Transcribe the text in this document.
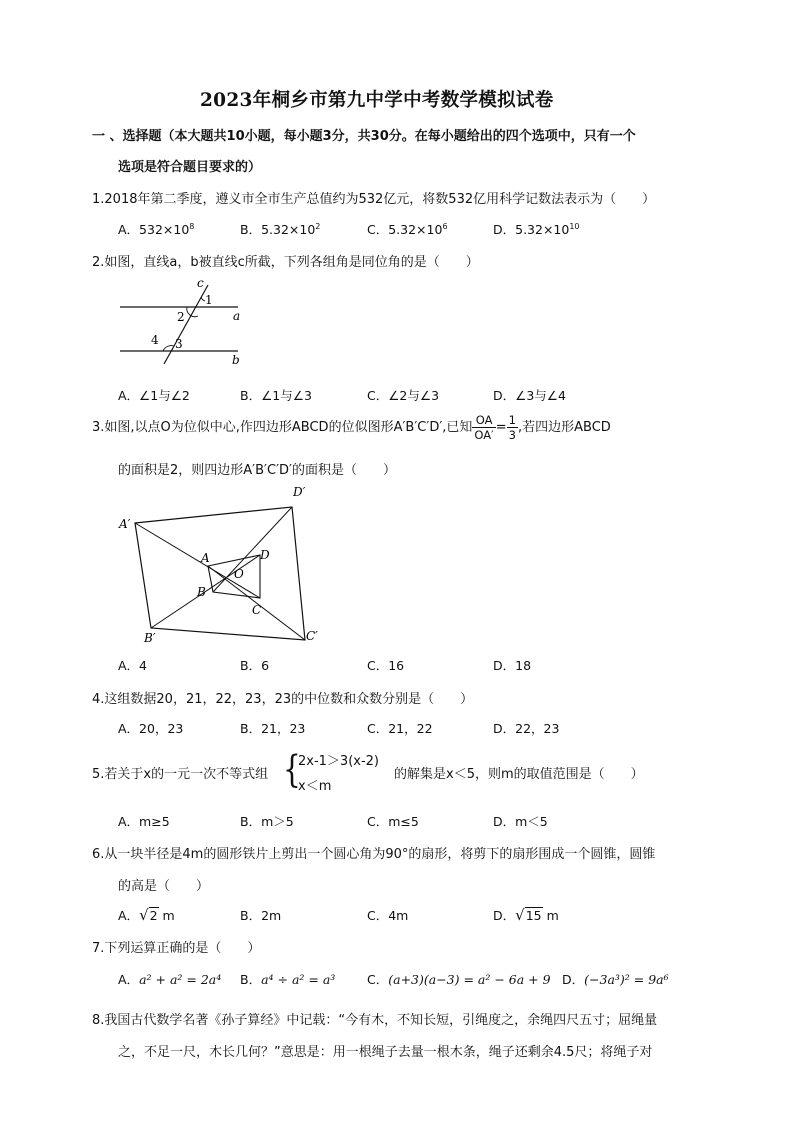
2023年桐乡市第九中学中考数学模拟试卷
一 、选择题（本大题共10小题，每小题3分，共30分。在每小题给出的四个选项中，只有一个
选项是符合题目要求的）
1.2018年第二季度，遵义市全市生产总值约为532亿元，将数532亿用科学记数法表示为（　　）
A．$532\times 10^8$	B．$5.32\times 10^2$	C．$5.32\times 10^6$	D．$5.32\times 10^{10}$
2.如图，直线a，b被直线c所截，下列各组角是同位角的是（　　）
c
1
2	a
4 3
b
A．∠1与∠2	B．∠1与∠3	C．∠2与∠3	D．∠3与∠4
3.如图,以点O为位似中心,作四边形ABCD的位似图形A′B′C′D′,已知 $\frac{OA}{OA'} = \frac{1}{3}$ ,若四边形ABCD
的面积是2，则四边形A′B′C′D′的面积是（　　）
A′
D′
B′	C′
A	D
O
B
C
A．4	B．6	C．16	D．18
4.这组数据20，21，22，23，23的中位数和众数分别是（　　）
A．20，23	B．21，23	C．21，22	D．22，23
5.若关于x的一元一次不等式组 {
2x-1＞3(x-2)
x＜m
的解集是x＜5，则m的取值范围是（　　）
A．m≥5	B．m＞5	C．m≤5	D．m＜5
6.从一块半径是4m的圆形铁片上剪出一个圆心角为90°的扇形，将剪下的扇形围成一个圆锥，圆锥
的高是（　　）
A．√2 m	B．2m	C．4m	D．√15 m
7.下列运算正确的是（　　）
A．a² + a² = 2a⁴ B．a⁴ ÷ a² = a³	C．(a+3)(a−3) = a² − 6a + 9 D．(−3a³)² = 9a⁶
8.我国古代数学名著《孙子算经》中记载：“今有木，不知长短，引绳度之，余绳四尺五寸；屈绳量
之，不足一尺，木长几何？”意思是：用一根绳子去量一根木条，绳子还剩余4.5尺；将绳子对
